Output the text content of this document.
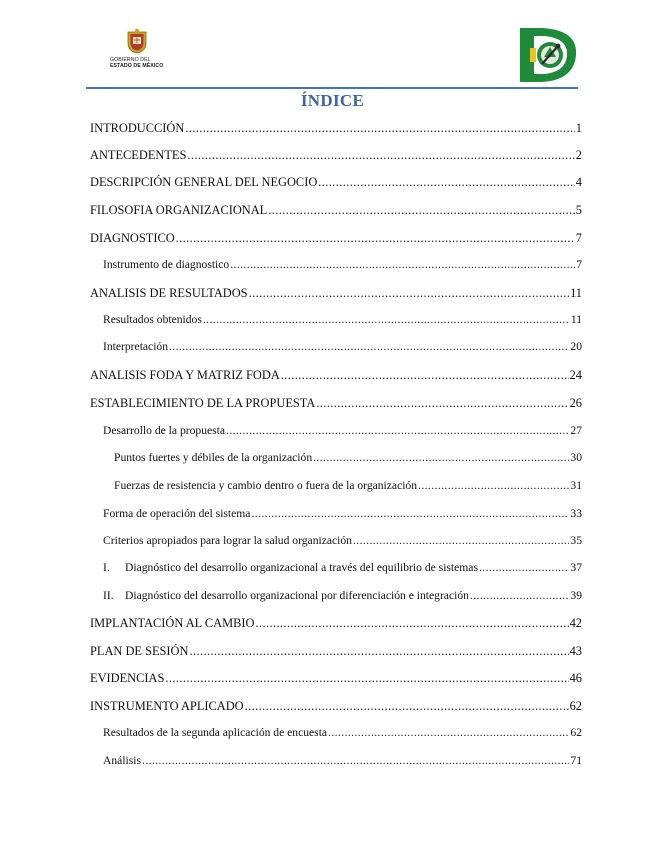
GOBIERNO DEL
ESTADO DE MÉXICO
ÍNDICE
INTRODUCCIÓN .....	1
ANTECEDENTES .....	2
DESCRIPCIÓN GENERAL DEL NEGOCIO .....	4
FILOSOFIA ORGANIZACIONAL .....	5
DIAGNOSTICO .....	7
Instrumento de diagnostico .....	7
ANALISIS DE RESULTADOS .....	11
Resultados obtenidos .....	11
Interpretación .....	20
ANALISIS FODA Y MATRIZ FODA .....	24
ESTABLECIMIENTO DE LA PROPUESTA .....	26
Desarrollo de la propuesta .....	27
Puntos fuertes y débiles de la organización .....	30
Fuerzas de resistencia y cambio dentro o fuera de la organización .....	31
Forma de operación del sistema .....	33
Criterios apropiados para lograr la salud organización .....	35
I. Diagnóstico del desarrollo organizacional a través del equilibrio de sistemas .....	37
II. Diagnóstico del desarrollo organizacional por diferenciación e integración .....	39
IMPLANTACIÓN AL CAMBIO .....	42
PLAN DE SESIÓN .....	43
EVIDENCIAS .....	46
INSTRUMENTO APLICADO .....	62
Resultados de la segunda aplicación de encuesta .....	62
Análisis .....	71
